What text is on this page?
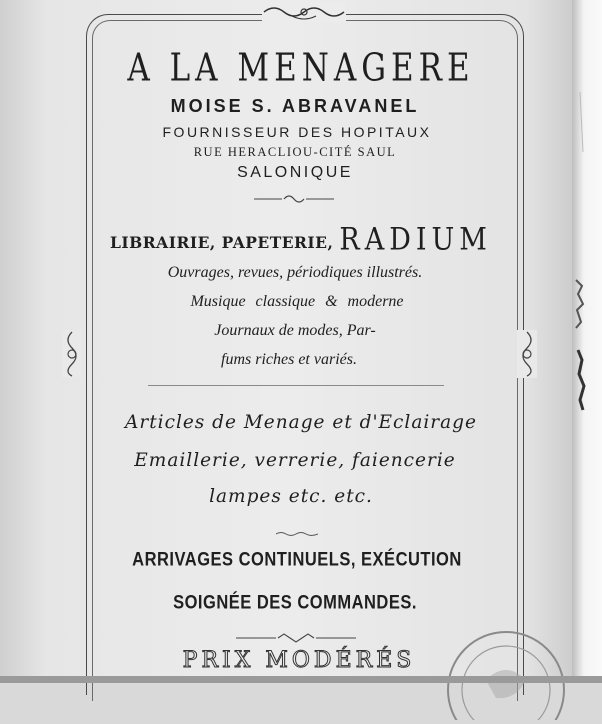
A LA MENAGERE
MOISE S. ABRAVANEL
FOURNISSEUR DES HOPITAUX
RUE HERACLIOU-CITÉ SAUL
SALONIQUE
LIBRAIRIE, PAPETERIE, RADIUM
Ouvrages, revues, périodiques illustrés.
Musique classique & moderne
Journaux de modes, Par-
fums riches et variés.
Articles de Menage et d'Eclairage
Emaillerie, verrerie, faiencerie
lampes etc. etc.
ARRIVAGES CONTINUELS, EXÉCUTION
SOIGNÉE DES COMMANDES.
PRIX MODÉRÉS
